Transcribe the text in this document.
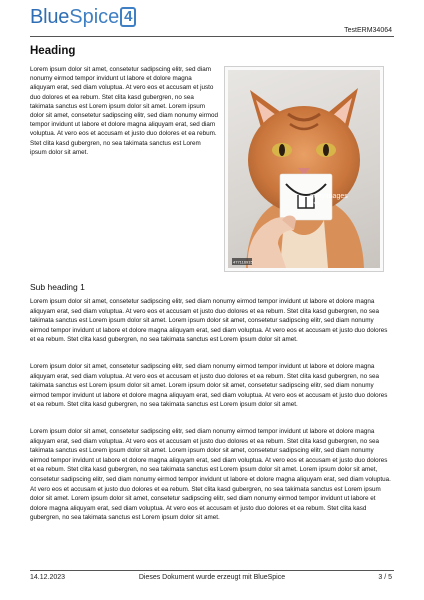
Blue Spice 4
TestERM34064
Heading

Lorem ipsum dolor sit amet, consetetur sadipscing elitr, sed diam nonumy eirmod tempor invidunt ut labore et dolore magna aliquyam erat, sed diam voluptua. At vero eos et accusam et justo duo dolores et ea rebum. Stet clita kasd gubergren, no sea takimata sanctus est Lorem ipsum dolor sit amet. Lorem ipsum dolor sit amet, consetetur sadipscing elitr, sed diam nonumy eirmod tempor invidunt ut labore et dolore magna aliquyam erat, sed diam voluptua. At vero eos et accusam et justo duo dolores et ea rebum. Stet clita kasd gubergren, no sea takimata sanctus est Lorem ipsum dolor sit amet.

gettyimages
Credit:
477116915
Sub heading 1

Lorem ipsum dolor sit amet, consetetur sadipscing elitr, sed diam nonumy eirmod tempor invidunt ut labore et dolore magna aliquyam erat, sed diam voluptua. At vero eos et accusam et justo duo dolores et ea rebum. Stet clita kasd gubergren, no sea takimata sanctus est Lorem ipsum dolor sit amet. Lorem ipsum dolor sit amet, consetetur sadipscing elitr, sed diam nonumy eirmod tempor invidunt ut labore et dolore magna aliquyam erat, sed diam voluptua. At vero eos et accusam et justo duo dolores et ea rebum. Stet clita kasd gubergren, no sea takimata sanctus est Lorem ipsum dolor sit amet.

Lorem ipsum dolor sit amet, consetetur sadipscing elitr, sed diam nonumy eirmod tempor invidunt ut labore et dolore magna aliquyam erat, sed diam voluptua. At vero eos et accusam et justo duo dolores et ea rebum. Stet clita kasd gubergren, no sea takimata sanctus est Lorem ipsum dolor sit amet. Lorem ipsum dolor sit amet, consetetur sadipscing elitr, sed diam nonumy eirmod tempor invidunt ut labore et dolore magna aliquyam erat, sed diam voluptua. At vero eos et accusam et justo duo dolores et ea rebum. Stet clita kasd gubergren, no sea takimata sanctus est Lorem ipsum dolor sit amet.

Lorem ipsum dolor sit amet, consetetur sadipscing elitr, sed diam nonumy eirmod tempor invidunt ut labore et dolore magna aliquyam erat, sed diam voluptua. At vero eos et accusam et justo duo dolores et ea rebum. Stet clita kasd gubergren, no sea takimata sanctus est Lorem ipsum dolor sit amet. Lorem ipsum dolor sit amet, consetetur sadipscing elitr, sed diam nonumy eirmod tempor invidunt ut labore et dolore magna aliquyam erat, sed diam voluptua. At vero eos et accusam et justo duo dolores et ea rebum. Stet clita kasd gubergren, no sea takimata sanctus est Lorem ipsum dolor sit amet. Lorem ipsum dolor sit amet, consetetur sadipscing elitr, sed diam nonumy eirmod tempor invidunt ut labore et dolore magna aliquyam erat, sed diam voluptua. At vero eos et accusam et justo duo dolores et ea rebum. Stet clita kasd gubergren, no sea takimata sanctus est Lorem ipsum dolor sit amet. Lorem ipsum dolor sit amet, consetetur sadipscing elitr, sed diam nonumy eirmod tempor invidunt ut labore et dolore magna aliquyam erat, sed diam voluptua. At vero eos et accusam et justo duo dolores et ea rebum. Stet clita kasd gubergren, no sea takimata sanctus est Lorem ipsum dolor sit amet.

14.12.2023	Dieses Dokument wurde erzeugt mit BlueSpice	3 / 5
